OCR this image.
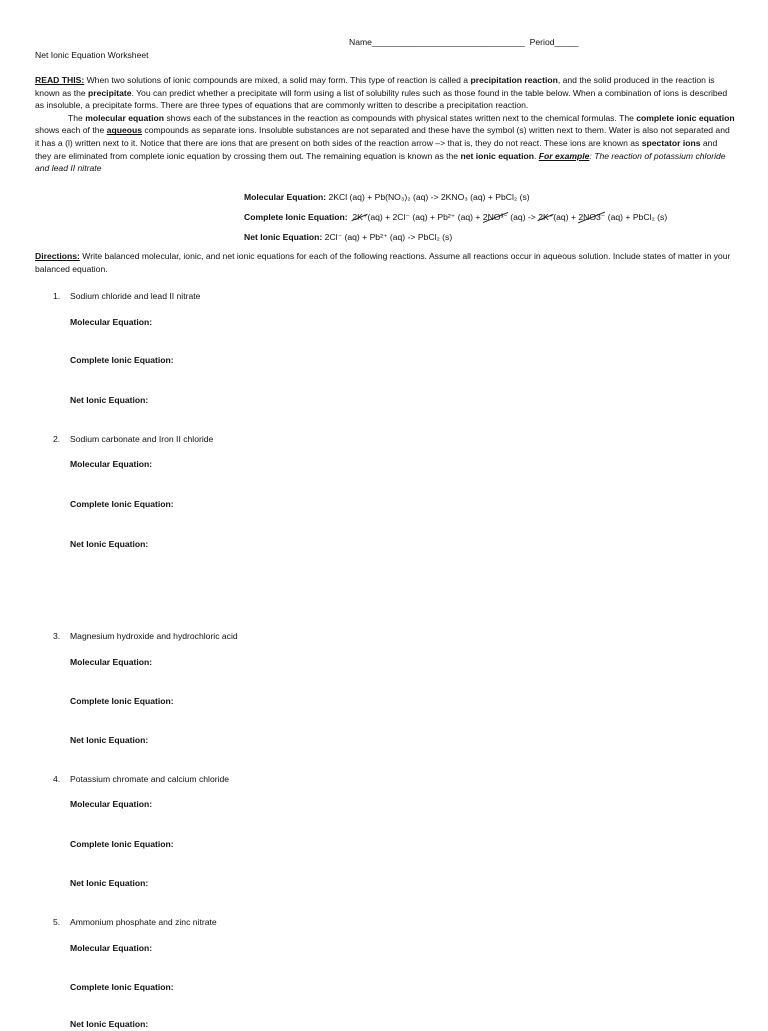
Name________________________________ Period_____
Net Ionic Equation Worksheet

READ THIS: When two solutions of ionic compounds are mixed, a solid may form. This type of reaction is called a precipitation reaction, and the solid produced in the reaction is known as the precipitate. You can predict whether a precipitate will form using a list of solubility rules such as those found in the table below. When a combination of ions is described as insoluble, a precipitate forms. There are three types of equations that are commonly written to describe a precipitation reaction.

The molecular equation shows each of the substances in the reaction as compounds with physical states written next to the chemical formulas. The complete ionic equation shows each of the aqueous compounds as separate ions. Insoluble substances are not separated and these have the symbol (s) written next to them. Water is also not separated and it has a (l) written next to it. Notice that there are ions that are present on both sides of the reaction arrow –> that is, they do not react. These ions are known as spectator ions and they are eliminated from complete ionic equation by crossing them out. The remaining equation is known as the net ionic equation. For example: The reaction of potassium chloride and lead II nitrate

Molecular Equation: 2KCl (aq) + Pb(NO₃)₂ (aq) -> 2KNO₃ (aq) + PbCl₂ (s)
Complete Ionic Equation: 2K⁺(aq) + 2Cl⁻ (aq) + Pb²⁺ (aq) + 2NO³⁻ (aq) -> 2K⁺(aq) + 2NO3⁻ (aq) + PbCl₂ (s)
Net Ionic Equation: 2Cl⁻ (aq) + Pb²⁺ (aq) -> PbCl₂ (s)
Directions: Write balanced molecular, ionic, and net ionic equations for each of the following reactions. Assume all reactions occur in aqueous solution. Include states of matter in your balanced equation.
1. Sodium chloride and lead II nitrate
Molecular Equation:
Complete Ionic Equation:
Net Ionic Equation:
2. Sodium carbonate and Iron II chloride
Molecular Equation:
Complete Ionic Equation:
Net Ionic Equation:
3. Magnesium hydroxide and hydrochloric acid
Molecular Equation:
Complete Ionic Equation:
Net Ionic Equation:
4. Potassium chromate and calcium chloride
Molecular Equation:
Complete Ionic Equation:
Net Ionic Equation:
5. Ammonium phosphate and zinc nitrate
Molecular Equation:
Complete Ionic Equation:
Net Ionic Equation:
